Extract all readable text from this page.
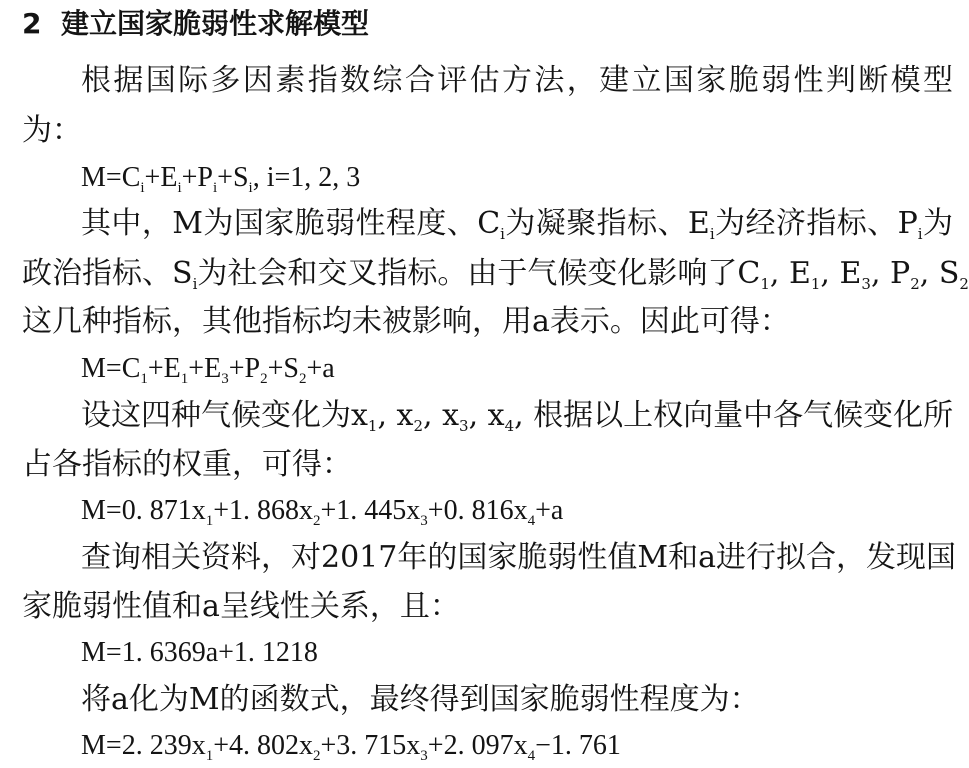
2 建立国家脆弱性求解模型
根据国际多因素指数综合评估方法，建立国家脆弱性判断模型
为：
$M=C_i+E_i+P_i+S_i$, i=1, 2, 3
其中，M为国家脆弱性程度、$C_i$为凝聚指标、$E_i$为经济指标、$P_i$为
政治指标、$S_i$为社会和交叉指标。由于气候变化影响了$C_1$, $E_1$, $E_3$, $P_2$, $S_2$
这几种指标，其他指标均未被影响，用a表示。因此可得：
$M=C_1+E_1+E_3+P_2+S_2+a$
设这四种气候变化为$x_1$, $x_2$, $x_3$, $x_4$, 根据以上权向量中各气候变化所
占各指标的权重，可得：
M=0. $871x_1+1$. $868x_2+1$. $445x_3+0$. $816x_4+a$
查询相关资料，对2017年的国家脆弱性值M和a进行拟合，发现国
家脆弱性值和a呈线性关系，且：
M=1. 6369a+1. 1218
将a化为M的函数式，最终得到国家脆弱性程度为：
M=2. $239x_1+4$. $802x_2+3$. $715x_3+2$. $097x_4-1$. 761
